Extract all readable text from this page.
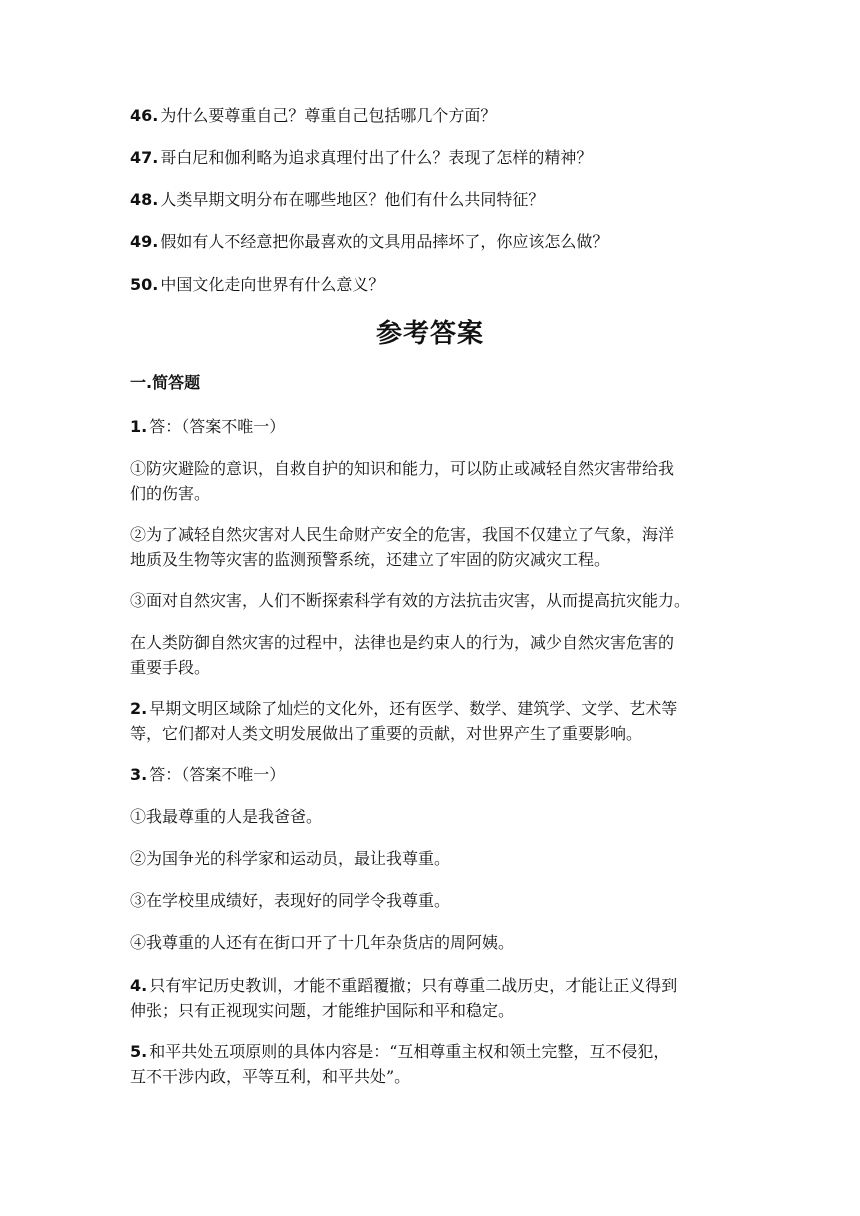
46. 为什么要尊重自己？尊重自己包括哪几个方面？
47. 哥白尼和伽利略为追求真理付出了什么？表现了怎样的精神？
48. 人类早期文明分布在哪些地区？他们有什么共同特征？
49. 假如有人不经意把你最喜欢的文具用品摔坏了，你应该怎么做？
50. 中国文化走向世界有什么意义？
参考答案
一.简答题
1. 答：（答案不唯一）
①防灾避险的意识，自救自护的知识和能力，可以防止或减轻自然灾害带给我
们的伤害。
②为了减轻自然灾害对人民生命财产安全的危害，我国不仅建立了气象，海洋
地质及生物等灾害的监测预警系统，还建立了牢固的防灾减灾工程。
③面对自然灾害，人们不断探索科学有效的方法抗击灾害，从而提高抗灾能力。
在人类防御自然灾害的过程中，法律也是约束人的行为，减少自然灾害危害的
重要手段。
2. 早期文明区域除了灿烂的文化外，还有医学、数学、建筑学、文学、艺术等
等，它们都对人类文明发展做出了重要的贡献，对世界产生了重要影响。
3. 答：（答案不唯一）
①我最尊重的人是我爸爸。
②为国争光的科学家和运动员，最让我尊重。
③在学校里成绩好，表现好的同学令我尊重。
④我尊重的人还有在街口开了十几年杂货店的周阿姨。
4. 只有牢记历史教训，才能不重蹈覆撤；只有尊重二战历史，才能让正义得到
伸张；只有正视现实问题，才能维护国际和平和稳定。
5. 和平共处五项原则的具体内容是：“互相尊重主权和领土完整，互不侵犯，
互不干涉内政，平等互利，和平共处”。
